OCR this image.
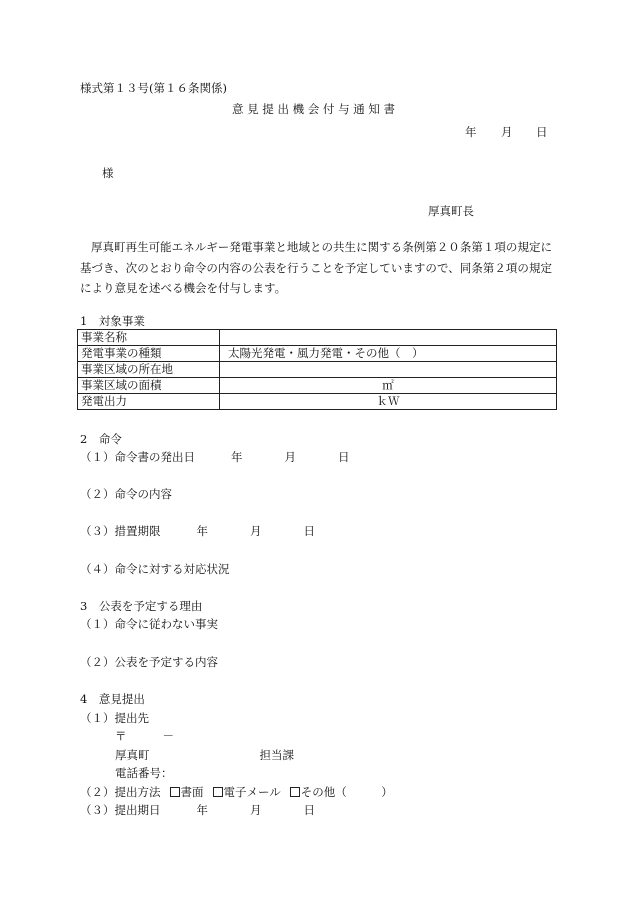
様式第１３号(第１６条関係)
意 見 提 出 機 会 付 与 通 知 書
年 月 日
様
厚真町長
厚真町再生可能エネルギー発電事業と地域との共生に関する条例第２０条第１項の規定に基づき、次のとおり命令の内容の公表を行うことを予定していますので、同条第２項の規定により意見を述べる機会を付与します。
1　対象事業
事業名称	
発電事業の種類	太陽光発電・風力発電・その他（　）
事業区域の所在地	
事業区域の面積	㎡
発電出力	ｋＷ
2　命令
（１）命令書の発出日	年	月	日
（２）命令の内容
（３）措置期限	年	月	日
（４）命令に対する対応状況
3　公表を予定する理由
（１）命令に従わない事実
（２）公表を予定する内容
4　意見提出
（１）提出先
〒	－
厚真町	担当課
電話番号：
（２）提出方法 書面 電子メール その他（　　　）
（３）提出期日	年	月	日
